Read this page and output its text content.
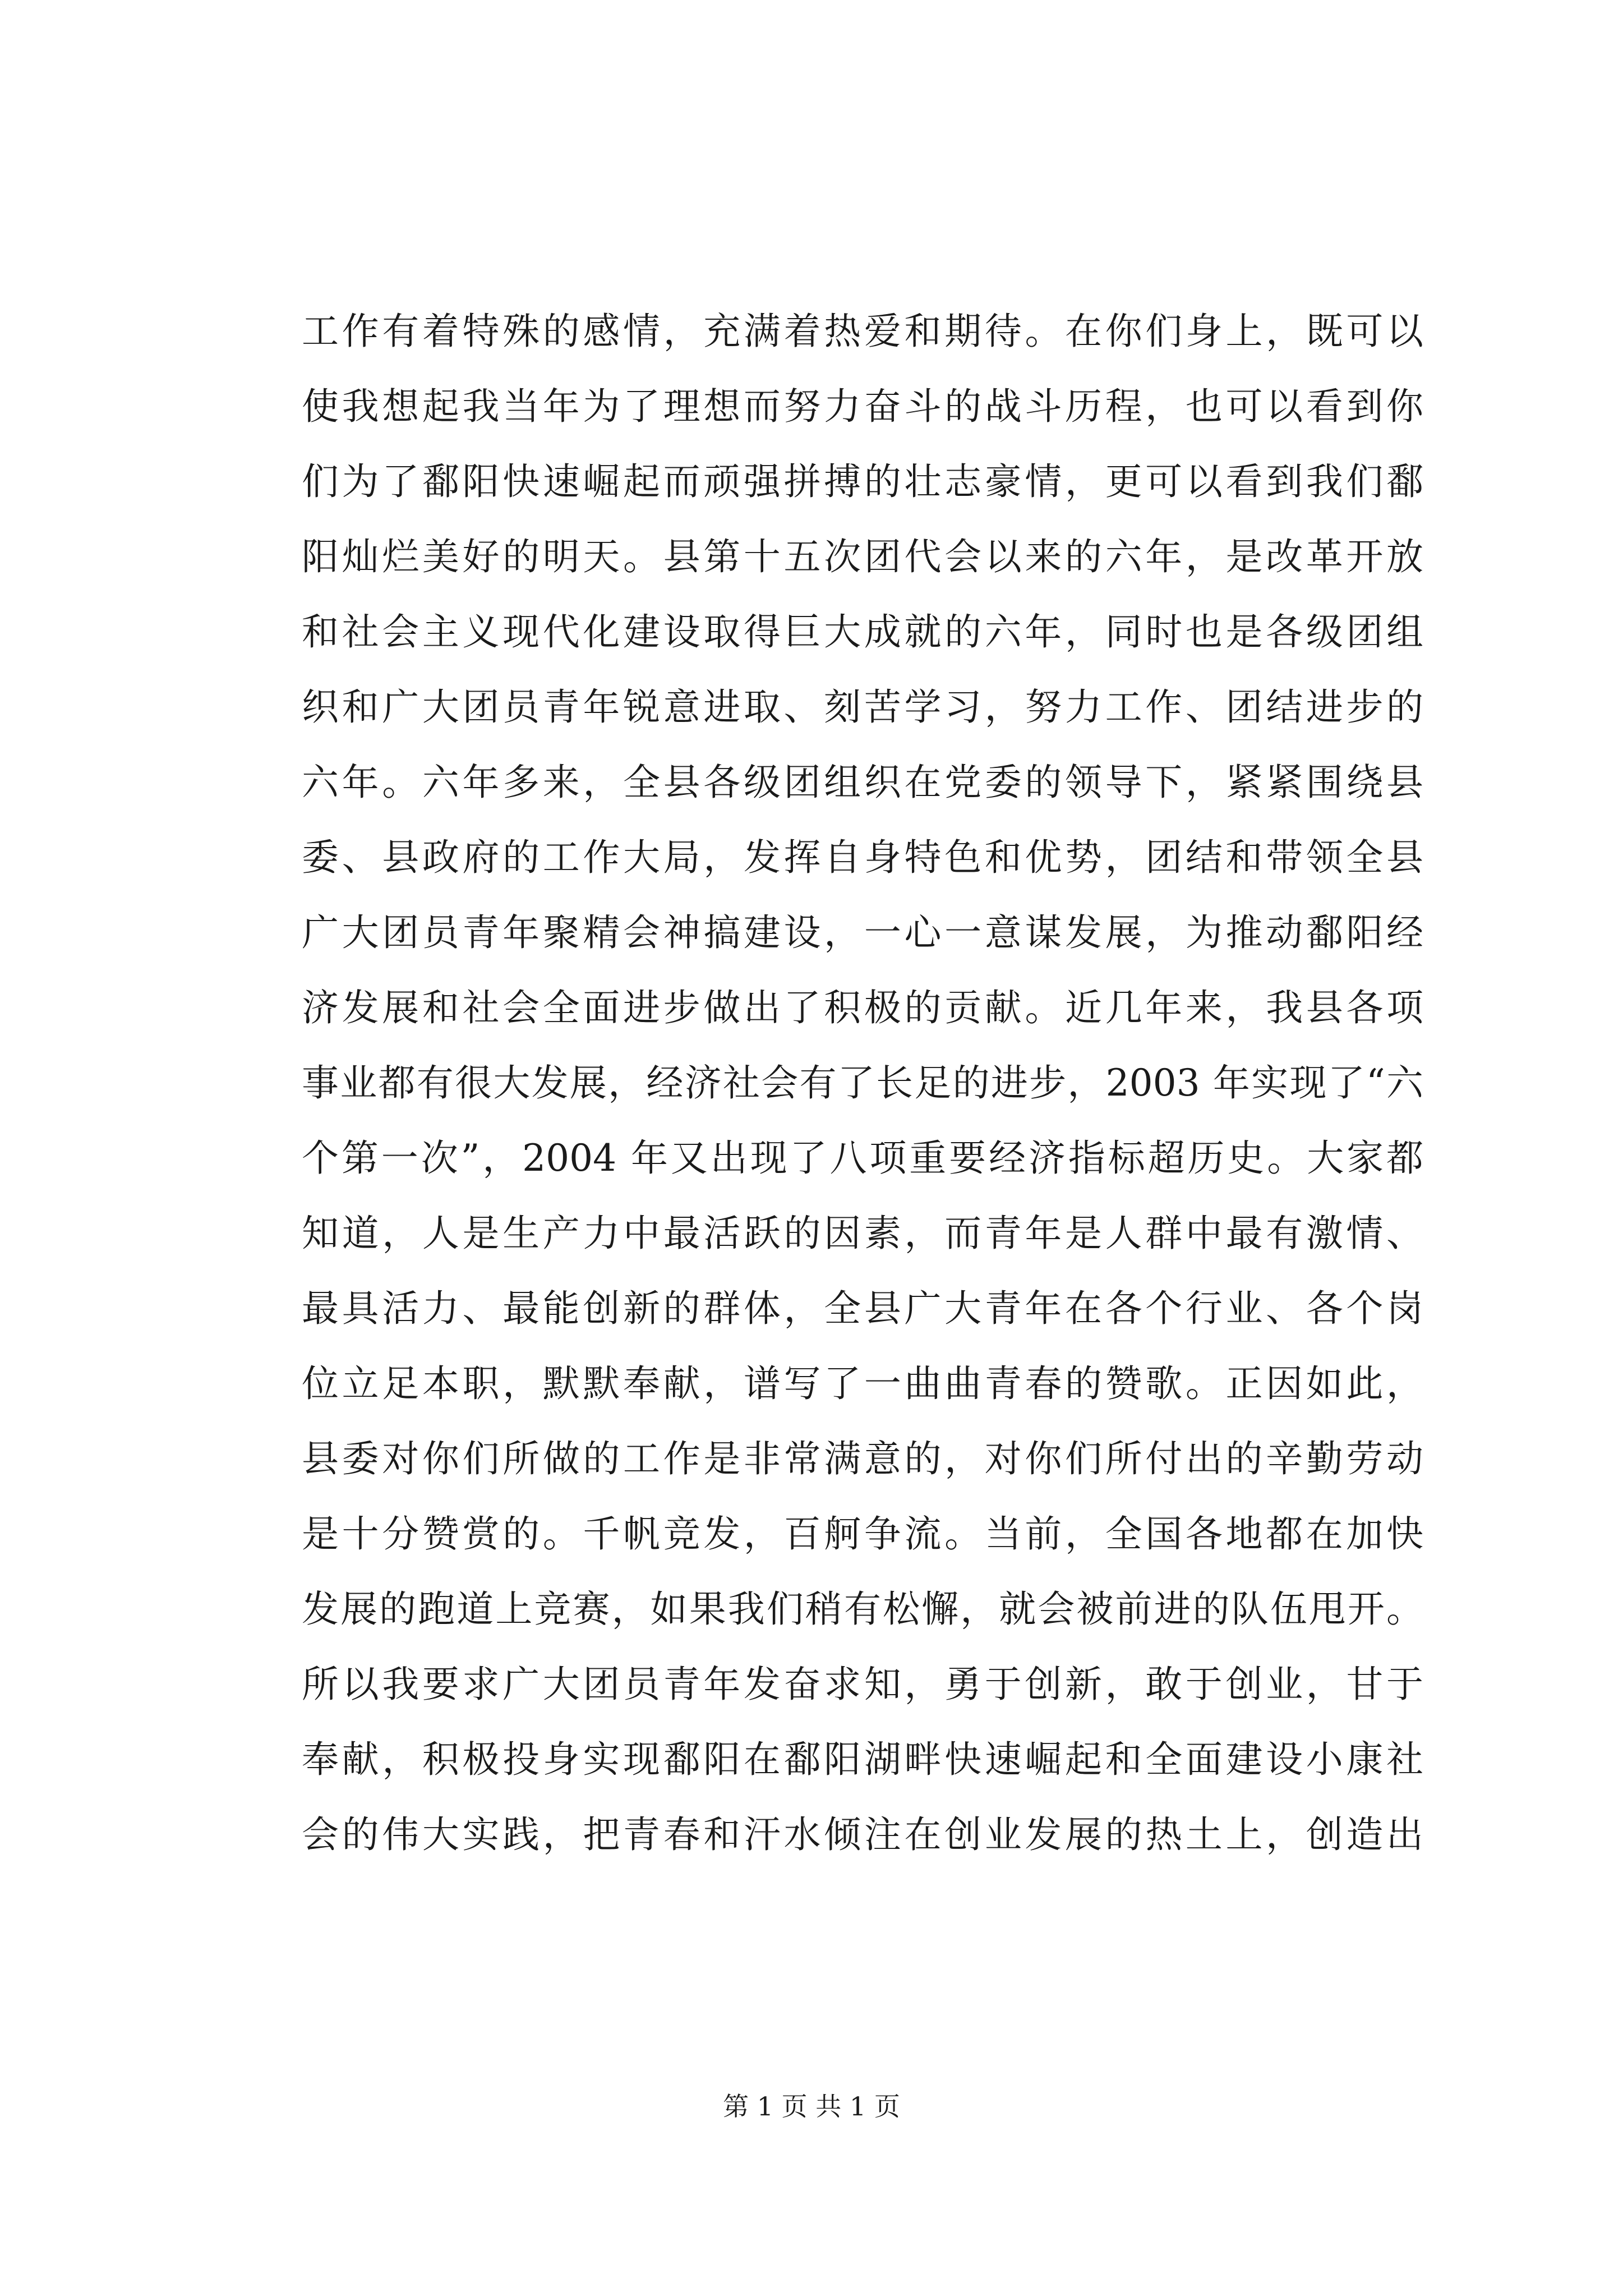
工作有着特殊的感情，充满着热爱和期待。在你们身上，既可以
使我想起我当年为了理想而努力奋斗的战斗历程，也可以看到你
们为了鄱阳快速崛起而顽强拼搏的壮志豪情，更可以看到我们鄱
阳灿烂美好的明天。县第十五次团代会以来的六年，是改革开放
和社会主义现代化建设取得巨大成就的六年，同时也是各级团组
织和广大团员青年锐意进取、刻苦学习，努力工作、团结进步的
六年。六年多来，全县各级团组织在党委的领导下，紧紧围绕县
委、县政府的工作大局，发挥自身特色和优势，团结和带领全县
广大团员青年聚精会神搞建设，一心一意谋发展，为推动鄱阳经
济发展和社会全面进步做出了积极的贡献。近几年来，我县各项
事业都有很大发展，经济社会有了长足的进步，2003 年实现了“六
个第一次”，2004 年又出现了八项重要经济指标超历史。大家都
知道，人是生产力中最活跃的因素，而青年是人群中最有激情、
最具活力、最能创新的群体，全县广大青年在各个行业、各个岗
位立足本职，默默奉献，谱写了一曲曲青春的赞歌。正因如此，
县委对你们所做的工作是非常满意的，对你们所付出的辛勤劳动
是十分赞赏的。千帆竞发，百舸争流。当前，全国各地都在加快
发展的跑道上竞赛，如果我们稍有松懈，就会被前进的队伍甩开。
所以我要求广大团员青年发奋求知，勇于创新，敢于创业，甘于
奉献，积极投身实现鄱阳在鄱阳湖畔快速崛起和全面建设小康社
会的伟大实践，把青春和汗水倾注在创业发展的热土上，创造出
第 1 页 共 1 页
